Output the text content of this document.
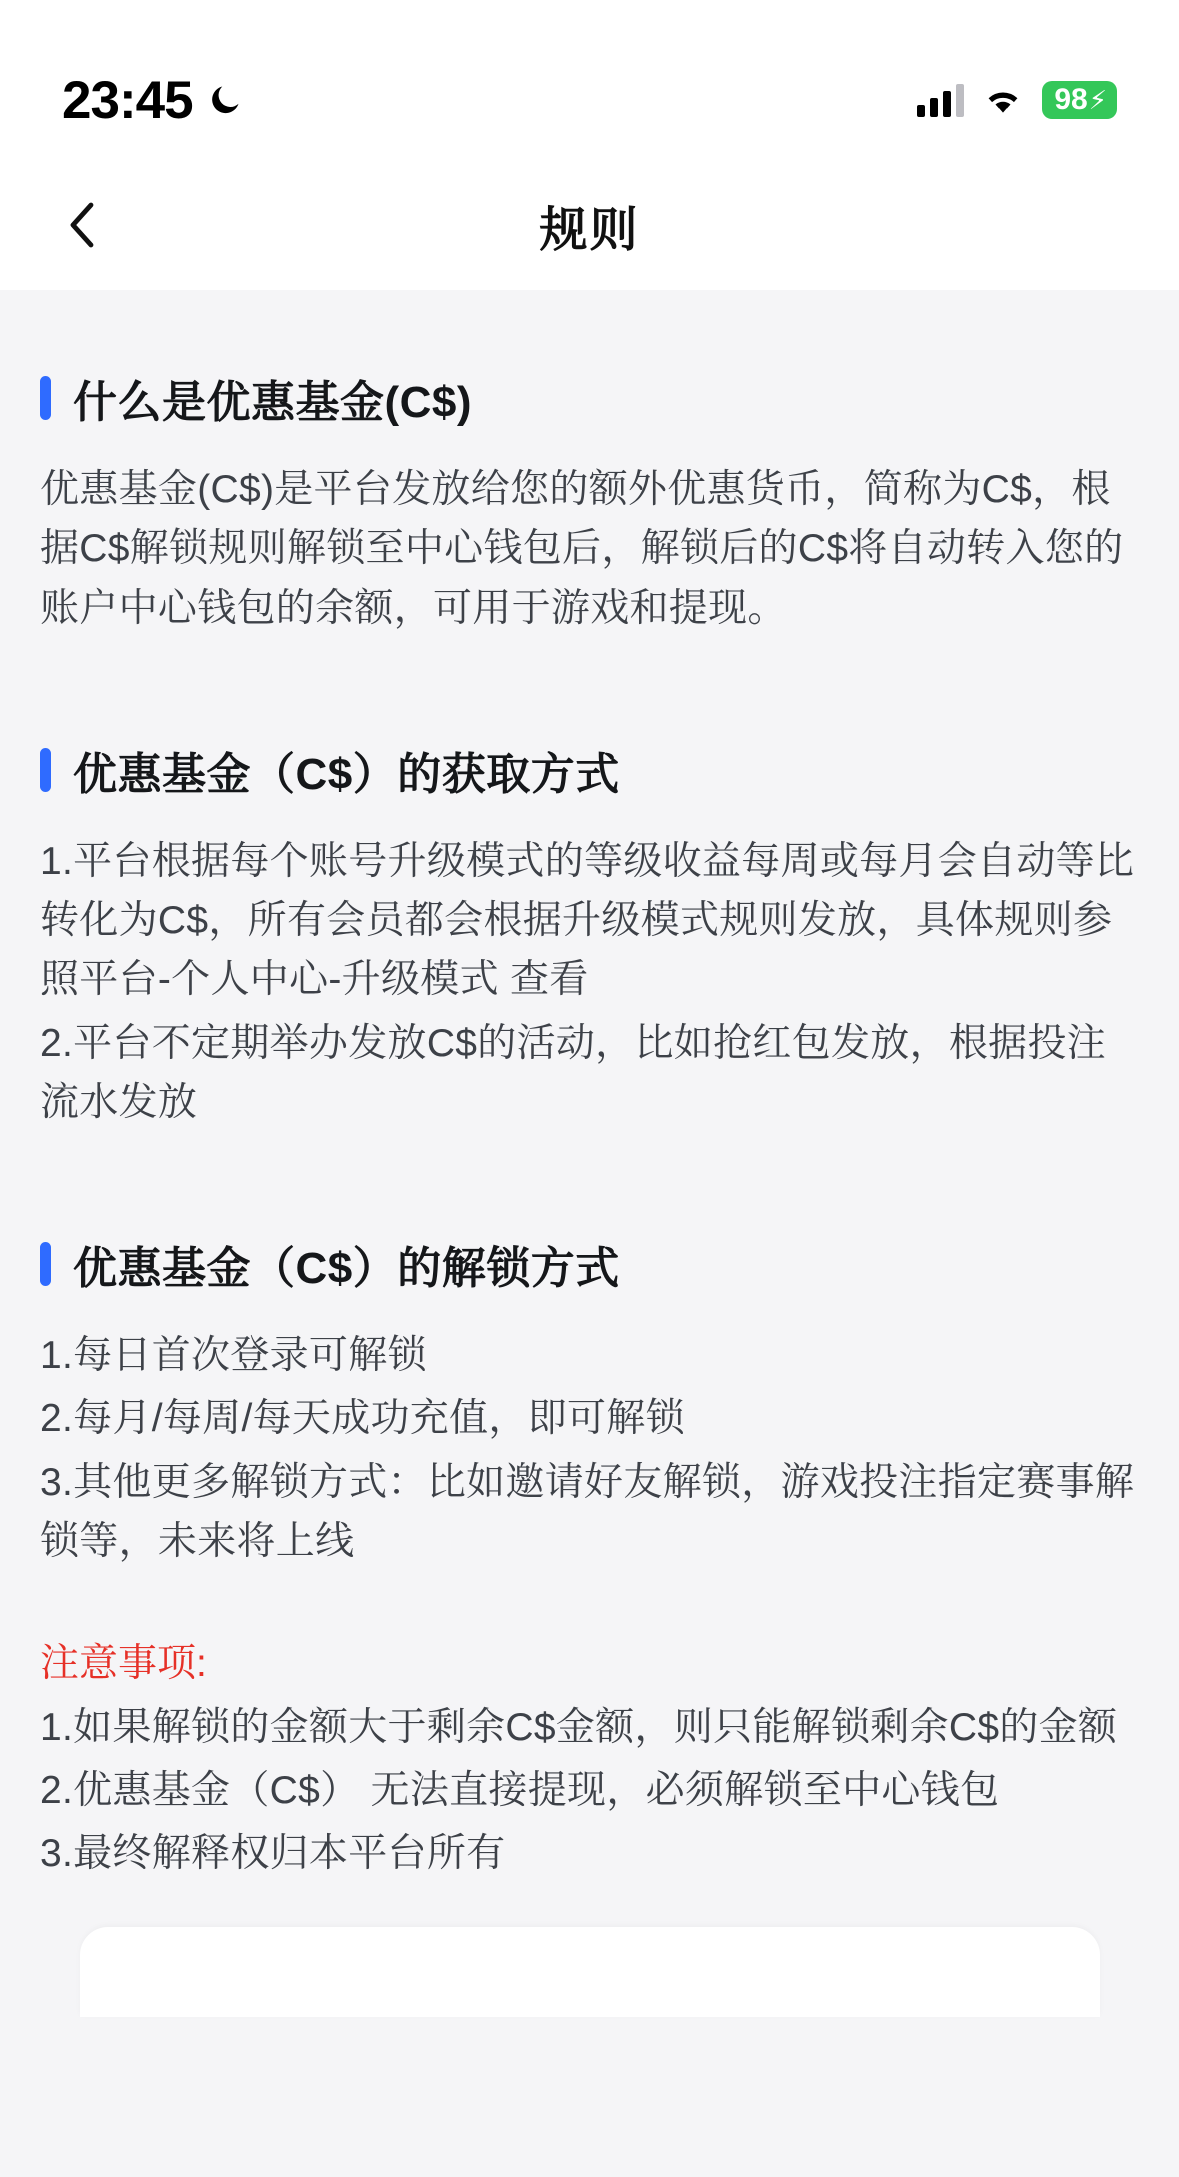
23:45	98 ⚡
规则
什么是优惠基金(C$)

优惠基金(C$)是平台发放给您的额外优惠货币，简称为C$，根据C$解锁规则解锁至中心钱包后，解锁后的C$将自动转入您的账户中心钱包的余额，可用于游戏和提现。

优惠基金（C$）的获取方式

1.平台根据每个账号升级模式的等级收益每周或每月会自动等比转化为C$，所有会员都会根据升级模式规则发放，具体规则参照平台-个人中心-升级模式 查看

2.平台不定期举办发放C$的活动，比如抢红包发放，根据投注流水发放

优惠基金（C$）的解锁方式

1.每日首次登录可解锁

2.每月/每周/每天成功充值，即可解锁

3.其他更多解锁方式：比如邀请好友解锁，游戏投注指定赛事解锁等，未来将上线

注意事项:

1.如果解锁的金额大于剩余C$金额，则只能解锁剩余C$的金额

2.优惠基金（C$） 无法直接提现，必须解锁至中心钱包

3.最终解释权归本平台所有
